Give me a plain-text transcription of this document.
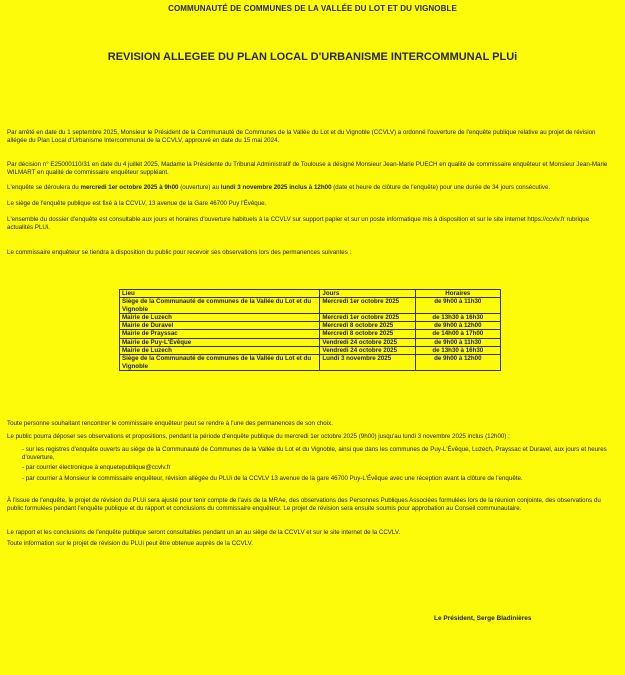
COMMUNAUTÉ DE COMMUNES DE LA VALLÉE DU LOT ET DU VIGNOBLE
REVISION ALLEGEE DU PLAN LOCAL D'URBANISME INTERCOMMUNAL PLUi
Par arrêté en date du 1 septembre 2025, Monsieur le Président de la Communauté de Communes de la Vallée du Lot et du Vignoble (CCVLV) a ordonné l'ouverture de l'enquête publique relative au projet de révision allégée du Plan Local d'Urbanisme Intercommunal de la CCVLV, approuvé en date du 15 mai 2024.
Par décision n° E25000110/31 en date du 4 juillet 2025, Madame la Présidente du Tribunal Administratif de Toulouse a désigné Monsieur Jean-Marie PUECH en qualité de commissaire enquêteur et Monsieur Jean-Marie WILMART en qualité de commissaire enquêteur suppléant.
L'enquête se déroulera du mercredi 1er octobre 2025 à 9h00 (ouverture) au lundi 3 novembre 2025 inclus à 12h00 (date et heure de clôture de l'enquête) pour une durée de 34 jours consécutive.
Le siège de l'enquête publique est fixé à la CCVLV, 13 avenue de la Gare 46700 Puy l'Évêque.
L'ensemble du dossier d'enquête est consultable aux jours et horaires d'ouverture habituels à la CCVLV sur support papier et sur un poste informatique mis à disposition et sur le site internet https://ccvlv.fr rubrique actualités PLUi.
Le commissaire enquêteur se tiendra à disposition du public pour recevoir ses observations lors des permanences suivantes :
Lieu	Jours	Horaires
Siège de la Communauté de communes de la Vallée du Lot et du Vignoble	Mercredi 1er octobre 2025	de 9h00 à 11h30
Mairie de Luzech	Mercredi 1er octobre 2025	de 13h30 à 16h30
Mairie de Duravel	Mercredi 8 octobre 2025	de 9h00 à 12h00
Mairie de Prayssac	Mercredi 8 octobre 2025	de 14h00 à 17h00
Mairie de Puy-L'Évêque	Vendredi 24 octobre 2025	de 9h00 à 11h30
Mairie de Luzech	Vendredi 24 octobre 2025	de 13h30 à 16h30
Siège de la Communauté de communes de la Vallée du Lot et du Vignoble	Lundi 3 novembre 2025	de 9h00 à 12h00
Toute personne souhaitant rencontrer le commissaire enquêteur peut se rendre à l'une des permanences de son choix.
Le public pourra déposer ses observations et propositions, pendant la période d'enquête publique du mercredi 1er octobre 2025 (9h00) jusqu'au lundi 3 novembre 2025 inclus (12h00) :
- sur les registres d'enquête ouverts au siège de la Communauté de Communes de la Vallée du Lot et du Vignoble, ainsi que dans les communes de Puy-L'Évêque, Luzech, Prayssac et Duravel, aux jours et heures d'ouverture,
- par courrier électronique à enquetepublique@ccvlv.fr
- par courrier à Monsieur le commissaire enquêteur, révision allégée du PLUi de la CCVLV 13 avenue de la gare 46700 Puy-L'Évêque avec une réception avant la clôture de l'enquête.
À l'issue de l'enquête, le projet de révision du PLUi sera ajusté pour tenir compte de l'avis de la MRAe, des observations des Personnes Publiques Associées formulées lors de la réunion conjointe, des observations du public formulées pendant l'enquête publique et du rapport et conclusions du commissaire enquêteur. Le projet de révision sera ensuite soumis pour approbation au Conseil communautaire.
Le rapport et les conclusions de l'enquête publique seront consultables pendant un an au siège de la CCVLV et sur le site internet de la CCVLV.
Toute information sur le projet de révision du PLUi peut être obtenue auprès de la CCVLV.
Le Président, Serge Bladinières
